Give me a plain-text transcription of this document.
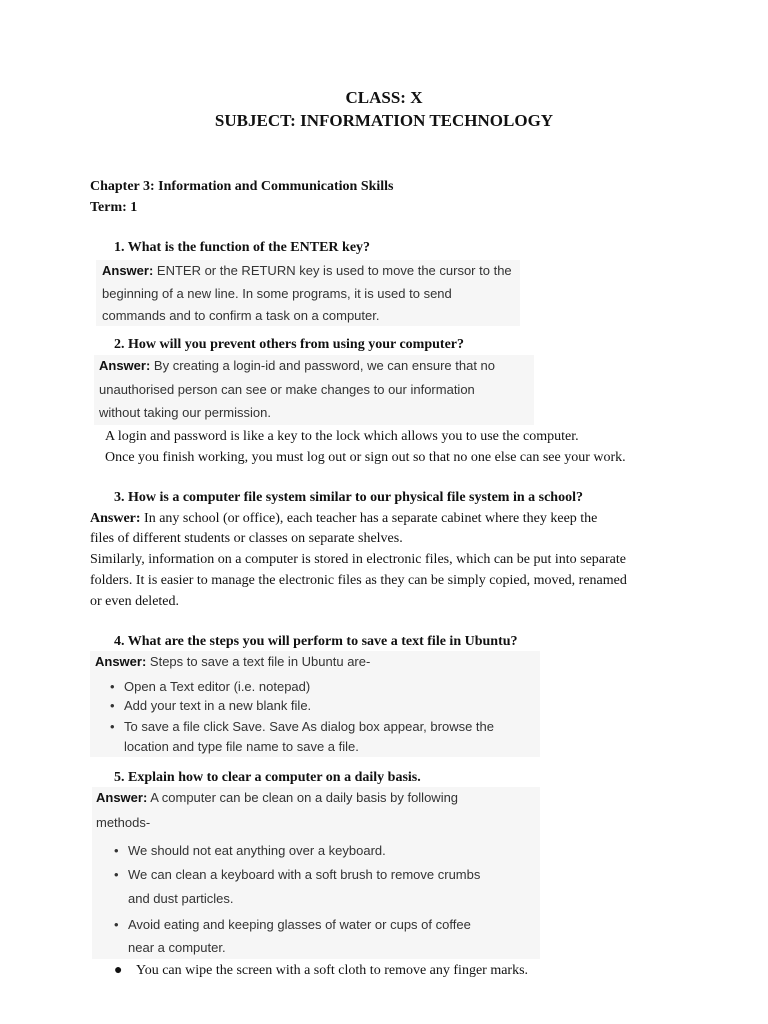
CLASS: X
SUBJECT: INFORMATION TECHNOLOGY
Chapter 3: Information and Communication Skills
Term: 1
1. What is the function of the ENTER key?
Answer: ENTER or the RETURN key is used to move the cursor to the
beginning of a new line. In some programs, it is used to send
commands and to confirm a task on a computer.
2. How will you prevent others from using your computer?
Answer: By creating a login-id and password, we can ensure that no
unauthorised person can see or make changes to our information
without taking our permission.
A login and password is like a key to the lock which allows you to use the computer.
Once you finish working, you must log out or sign out so that no one else can see your work.
3. How is a computer file system similar to our physical file system in a school?
Answer: In any school (or office), each teacher has a separate cabinet where they keep the
files of different students or classes on separate shelves.
Similarly, information on a computer is stored in electronic files, which can be put into separate
folders. It is easier to manage the electronic files as they can be simply copied, moved, renamed
or even deleted.
4. What are the steps you will perform to save a text file in Ubuntu?
Answer: Steps to save a text file in Ubuntu are-
• Open a Text editor (i.e. notepad)
• Add your text in a new blank file.
• To save a file click Save. Save As dialog box appear, browse the
location and type file name to save a file.
5. Explain how to clear a computer on a daily basis.
Answer: A computer can be clean on a daily basis by following
methods-
• We should not eat anything over a keyboard.
• We can clean a keyboard with a soft brush to remove crumbs
and dust particles.
• Avoid eating and keeping glasses of water or cups of coffee
near a computer.
● You can wipe the screen with a soft cloth to remove any finger marks.
